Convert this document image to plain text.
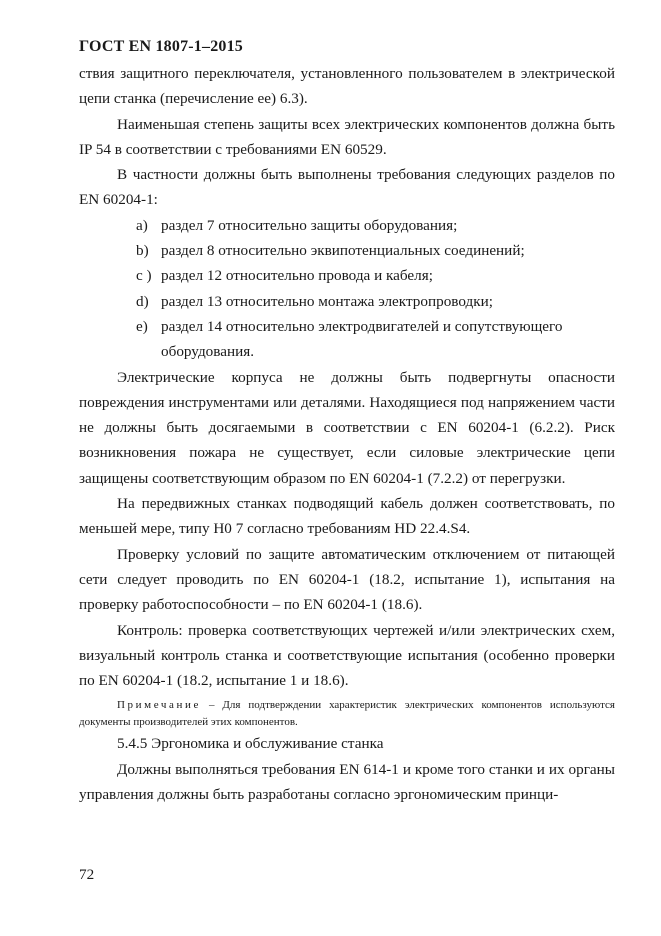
ГОСТ EN 1807-1–2015

ствия защитного переключателя, установленного пользователем в электрической цепи станка (перечисление ее) 6.3).

Наименьшая степень защиты всех электрических компонентов должна быть IP 54 в соответствии с требованиями EN 60529.

В частности должны быть выполнены требования следующих разделов по EN 60204-1:

a) раздел 7 относительно защиты оборудования;

b) раздел 8 относительно эквипотенциальных соединений;

c ) раздел 12 относительно провода и кабеля;

d) раздел 13 относительно монтажа электропроводки;

e) раздел 14 относительно электродвигателей и сопутствующего

оборудования.

Электрические корпуса не должны быть подвергнуты опасности повреждения инструментами или деталями. Находящиеся под напряжением части не должны быть досягаемыми в соответствии с EN 60204-1 (6.2.2). Риск возникновения пожара не существует, если силовые электрические цепи защищены соответствующим образом по EN 60204-1 (7.2.2) от перегрузки.

На передвижных станках подводящий кабель должен соответствовать, по меньшей мере, типу H0 7 согласно требованиям HD 22.4.S4.

Проверку условий по защите автоматическим отключением от питающей сети следует проводить по EN 60204-1 (18.2, испытание 1), испытания на проверку работоспособности – по EN 60204-1 (18.6).

Контроль: проверка соответствующих чертежей и/или электрических схем, визуальный контроль станка и соответствующие испытания (особенно проверки по EN 60204-1 (18.2, испытание 1 и 18.6).

Примечание – Для подтверждении характеристик электрических компонентов используются документы производителей этих компонентов.

5.4.5 Эргономика и обслуживание станка

Должны выполняться требования EN 614-1 и кроме того станки и их органы управления должны быть разработаны согласно эргономическим принци-

72
